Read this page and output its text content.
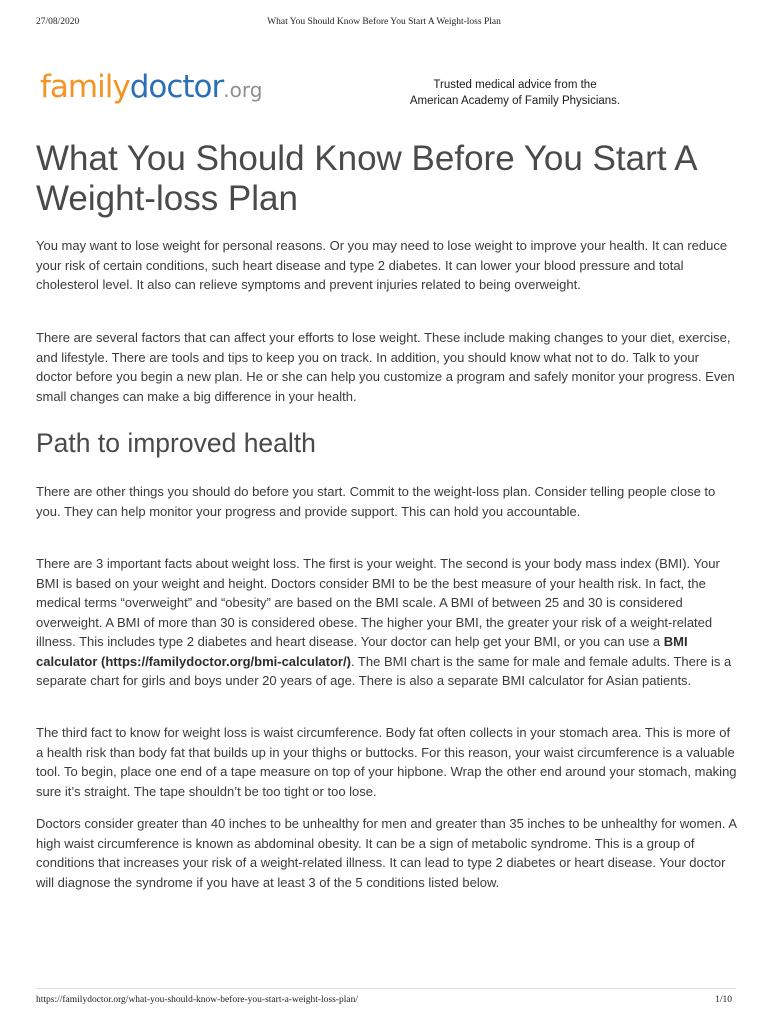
27/08/2020	What You Should Know Before You Start A Weight-loss Plan
familydoctor.org	Trusted medical advice from the
American Academy of Family Physicians.
What You Should Know Before You Start A Weight-loss Plan

You may want to lose weight for personal reasons. Or you may need to lose weight to improve your health. It can reduce your risk of certain conditions, such heart disease and type 2 diabetes. It can lower your blood pressure and total cholesterol level. It also can relieve symptoms and prevent injuries related to being overweight.

There are several factors that can affect your efforts to lose weight. These include making changes to your diet, exercise, and lifestyle. There are tools and tips to keep you on track. In addition, you should know what not to do. Talk to your doctor before you begin a new plan. He or she can help you customize a program and safely monitor your progress. Even small changes can make a big difference in your health.

Path to improved health

There are other things you should do before you start. Commit to the weight-loss plan. Consider telling people close to you. They can help monitor your progress and provide support. This can hold you accountable.

There are 3 important facts about weight loss. The first is your weight. The second is your body mass index (BMI). Your BMI is based on your weight and height. Doctors consider BMI to be the best measure of your health risk. In fact, the medical terms “overweight” and “obesity” are based on the BMI scale. A BMI of between 25 and 30 is considered overweight. A BMI of more than 30 is considered obese. The higher your BMI, the greater your risk of a weight-related illness. This includes type 2 diabetes and heart disease. Your doctor can help get your BMI, or you can use a BMI calculator (https://familydoctor.org/bmi-calculator/). The BMI chart is the same for male and female adults. There is a separate chart for girls and boys under 20 years of age. There is also a separate BMI calculator for Asian patients.

The third fact to know for weight loss is waist circumference. Body fat often collects in your stomach area. This is more of a health risk than body fat that builds up in your thighs or buttocks. For this reason, your waist circumference is a valuable tool. To begin, place one end of a tape measure on top of your hipbone. Wrap the other end around your stomach, making sure it’s straight. The tape shouldn’t be too tight or too lose.

Doctors consider greater than 40 inches to be unhealthy for men and greater than 35 inches to be unhealthy for women. A high waist circumference is known as abdominal obesity. It can be a sign of metabolic syndrome. This is a group of conditions that increases your risk of a weight-related illness. It can lead to type 2 diabetes or heart disease. Your doctor will diagnose the syndrome if you have at least 3 of the 5 conditions listed below.

https://familydoctor.org/what-you-should-know-before-you-start-a-weight-loss-plan/	1/10
